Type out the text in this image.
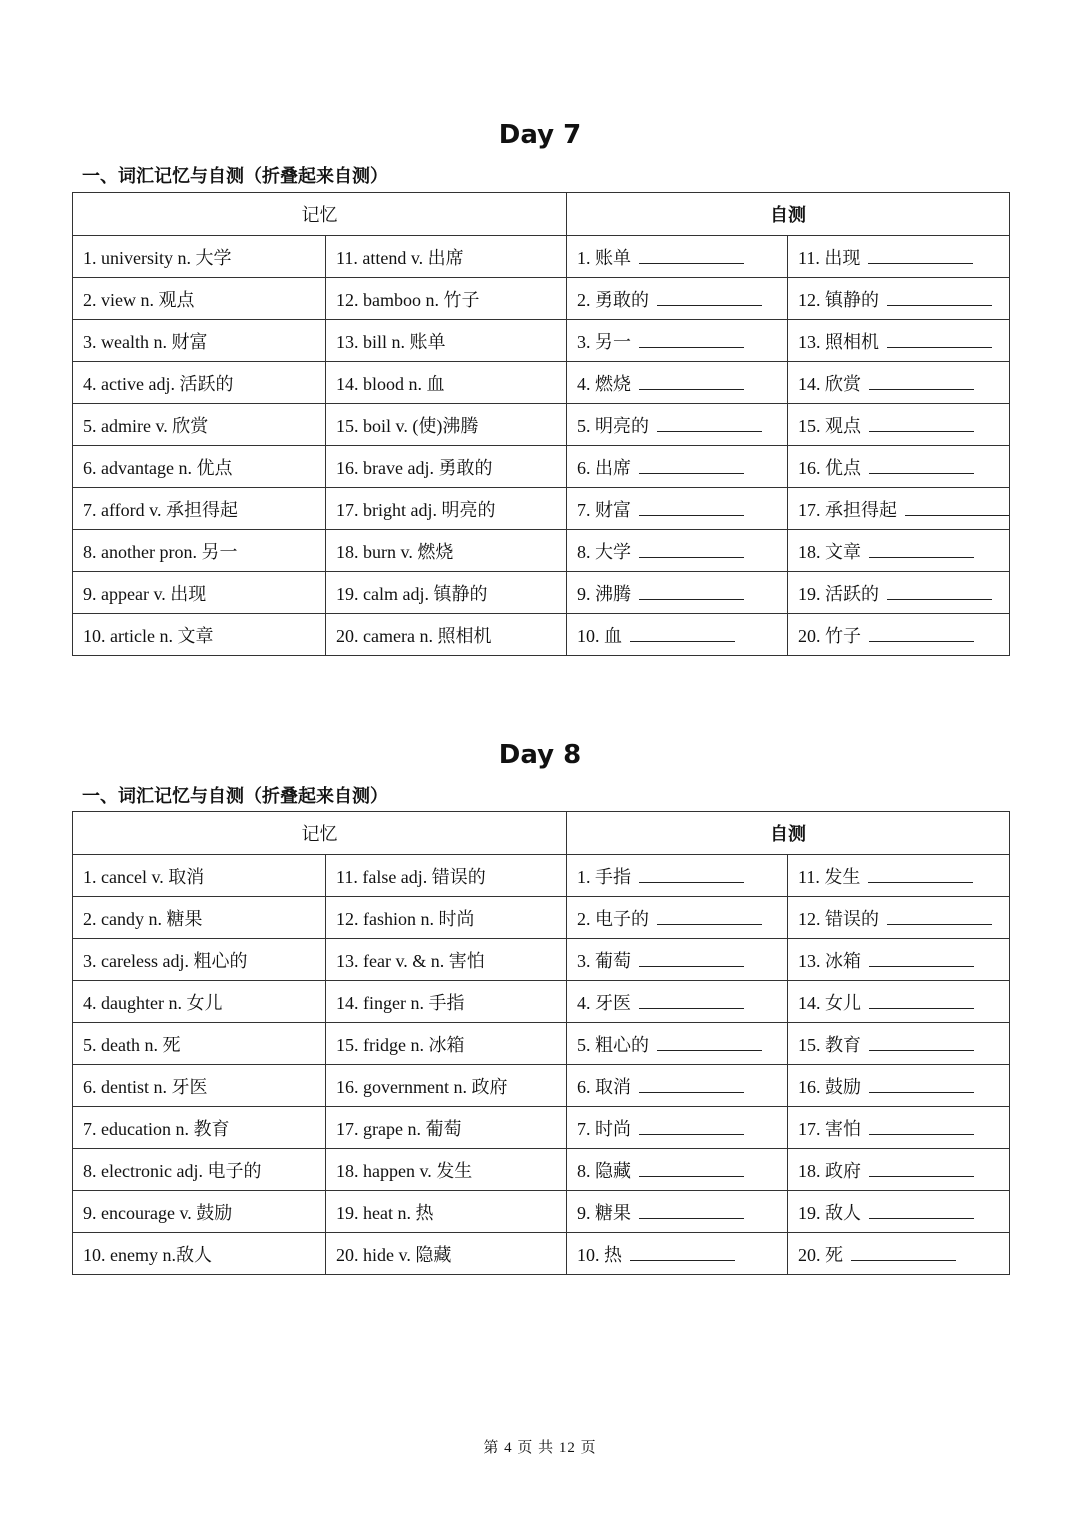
Day 7
一、词汇记忆与自测（折叠起来自测）
记忆		自测	
1. university n. 大学	11. attend v. 出席	1. 账单	11. 出现
2. view n. 观点	12. bamboo n. 竹子	2. 勇敢的	12. 镇静的
3. wealth n. 财富	13. bill n. 账单	3. 另一	13. 照相机
4. active adj. 活跃的	14. blood n. 血	4. 燃烧	14. 欣赏
5. admire v. 欣赏	15. boil v. (使)沸腾	5. 明亮的	15. 观点
6. advantage n. 优点	16. brave adj. 勇敢的	6. 出席	16. 优点
7. afford v. 承担得起	17. bright adj. 明亮的	7. 财富	17. 承担得起
8. another pron. 另一	18. burn v. 燃烧	8. 大学	18. 文章
9. appear v. 出现	19. calm adj. 镇静的	9. 沸腾	19. 活跃的
10. article n. 文章	20. camera n. 照相机	10. 血	20. 竹子
Day 8
一、词汇记忆与自测（折叠起来自测）
记忆		自测	
1. cancel v. 取消	11. false adj. 错误的	1. 手指	11. 发生
2. candy n. 糖果	12. fashion n. 时尚	2. 电子的	12. 错误的
3. careless adj. 粗心的	13. fear v. & n. 害怕	3. 葡萄	13. 冰箱
4. daughter n. 女儿	14. finger n. 手指	4. 牙医	14. 女儿
5. death n. 死	15. fridge n. 冰箱	5. 粗心的	15. 教育
6. dentist n. 牙医	16. government n. 政府	6. 取消	16. 鼓励
7. education n. 教育	17. grape n. 葡萄	7. 时尚	17. 害怕
8. electronic adj. 电子的	18. happen v. 发生	8. 隐藏	18. 政府
9. encourage v. 鼓励	19. heat n. 热	9. 糖果	19. 敌人
10. enemy n.敌人	20. hide v. 隐藏	10. 热	20. 死
第 4 页 共 12 页
